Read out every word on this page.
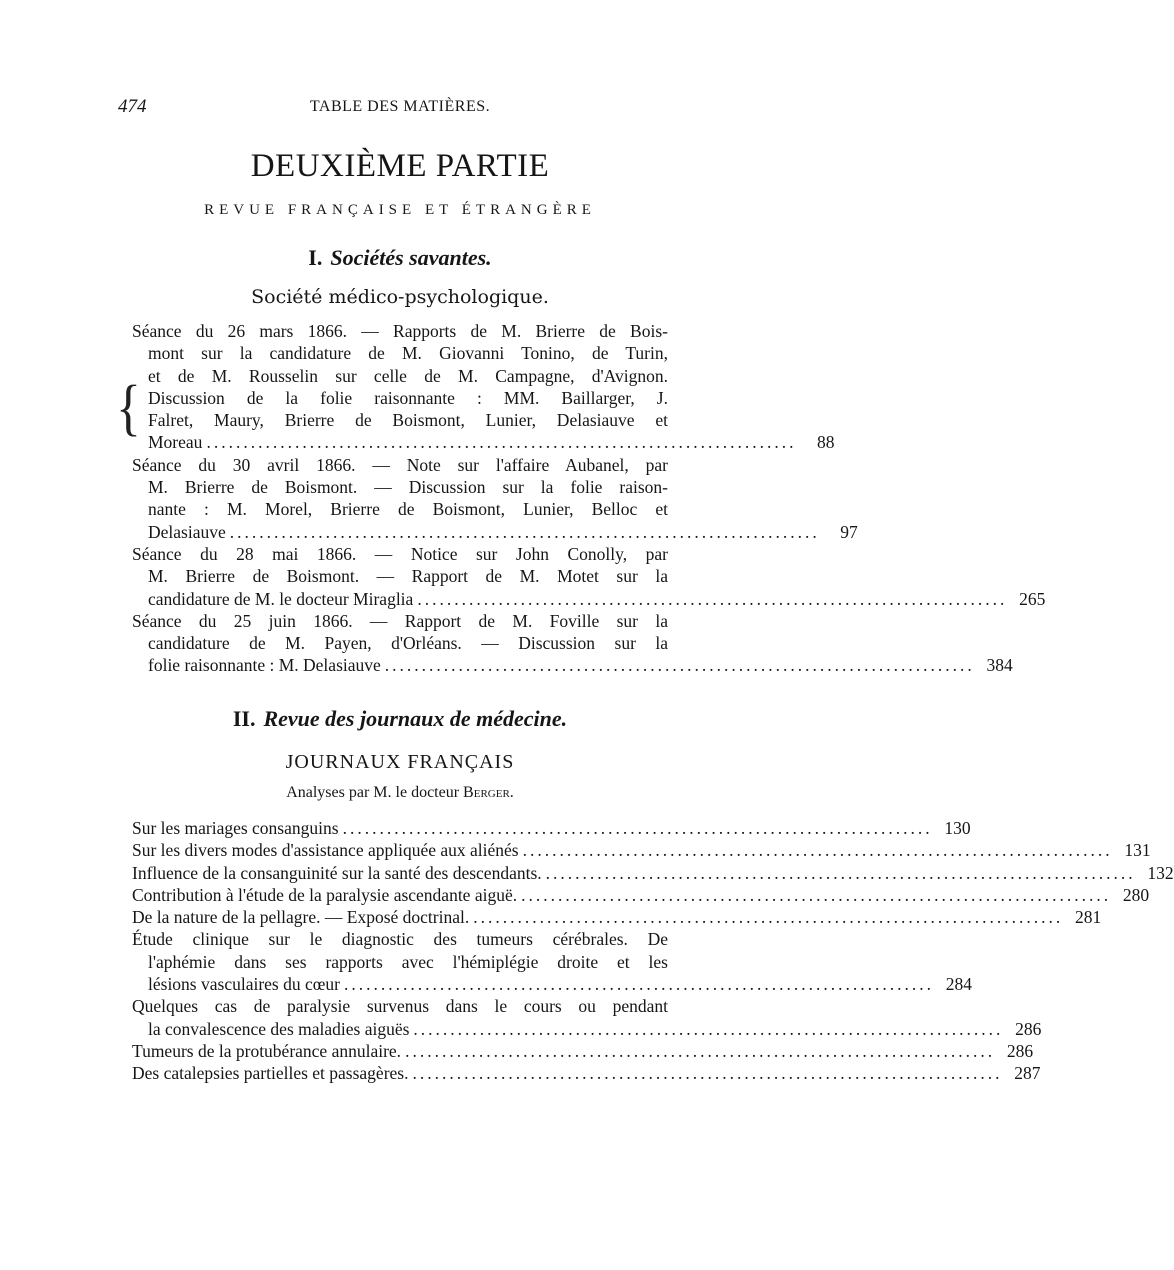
474	TABLE DES MATIÈRES.
DEUXIÈME PARTIE
REVUE FRANÇAISE ET ÉTRANGÈRE
I. Sociétés savantes.
Société médico-psychologique.
{
Séance du 26 mars 1866. — Rapports de M. Brierre de Bois-
mont sur la candidature de M. Giovanni Tonino, de Turin,
et de M. Rousselin sur celle de M. Campagne, d'Avignon.
Discussion de la folie raisonnante : MM. Baillarger, J.
Falret, Maury, Brierre de Boismont, Lunier, Delasiauve et
Moreau ................................................................................	88
Séance du 30 avril 1866. — Note sur l'affaire Aubanel, par
M. Brierre de Boismont. — Discussion sur la folie raison-
nante : M. Morel, Brierre de Boismont, Lunier, Belloc et
Delasiauve ................................................................................	97
Séance du 28 mai 1866. — Notice sur John Conolly, par
M. Brierre de Boismont. — Rapport de M. Motet sur la
candidature de M. le docteur Miraglia ................................................................................ 265
Séance du 25 juin 1866. — Rapport de M. Foville sur la
candidature de M. Payen, d'Orléans. — Discussion sur la
folie raisonnante : M. Delasiauve ................................................................................ 384
II. Revue des journaux de médecine.
JOURNAUX FRANÇAIS
Analyses par M. le docteur Berger.
Sur les mariages consanguins ................................................................................ 130
Sur les divers modes d'assistance appliquée aux aliénés ................................................................................ 131
Influence de la consanguinité sur la santé des descendants. ................................................................................ 132
Contribution à l'étude de la paralysie ascendante aiguë. ................................................................................ 280
De la nature de la pellagre. — Exposé doctrinal. ................................................................................ 281
Étude clinique sur le diagnostic des tumeurs cérébrales. De
l'aphémie dans ses rapports avec l'hémiplégie droite et les
lésions vasculaires du cœur ................................................................................ 284
Quelques cas de paralysie survenus dans le cours ou pendant
la convalescence des maladies aiguës ................................................................................ 286
Tumeurs de la protubérance annulaire. ................................................................................ 286
Des catalepsies partielles et passagères. ................................................................................ 287
